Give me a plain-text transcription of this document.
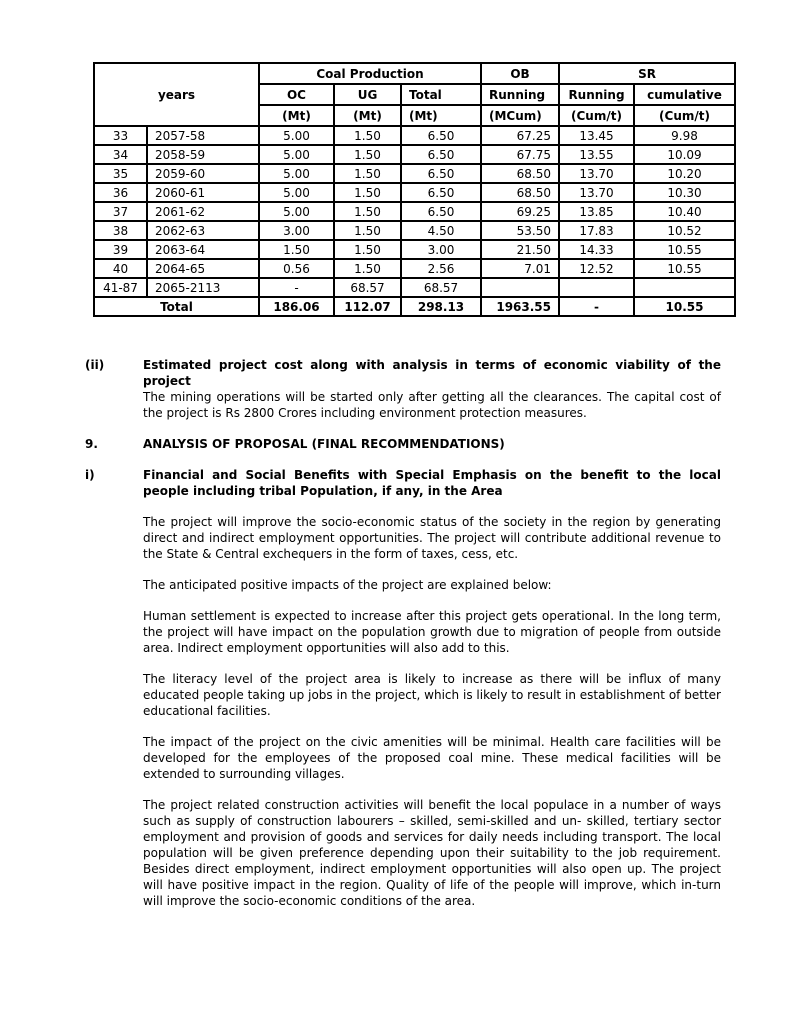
years		Coal Production			OB	SR	
		OC	UG	Total	Running	Running	cumulative
		(Mt)	(Mt)	(Mt)	(MCum)	(Cum/t)	(Cum/t)
33	2057-58	5.00	1.50	6.50	67.25	13.45	9.98
34	2058-59	5.00	1.50	6.50	67.75	13.55	10.09
35	2059-60	5.00	1.50	6.50	68.50	13.70	10.20
36	2060-61	5.00	1.50	6.50	68.50	13.70	10.30
37	2061-62	5.00	1.50	6.50	69.25	13.85	10.40
38	2062-63	3.00	1.50	4.50	53.50	17.83	10.52
39	2063-64	1.50	1.50	3.00	21.50	14.33	10.55
40	2064-65	0.56	1.50	2.56	7.01	12.52	10.55
41-87	2065-2113	-	68.57	68.57			
Total		186.06	112.07	298.13	1963.55	-	10.55
(ii)	Estimated project cost along with analysis in terms of economic viability of the project
The mining operations will be started only after getting all the clearances. The capital cost of the project is Rs 2800 Crores including environment protection measures.
9.	ANALYSIS OF PROPOSAL (FINAL RECOMMENDATIONS)
i)	Financial and Social Benefits with Special Emphasis on the benefit to the local people including tribal Population, if any, in the Area
The project will improve the socio-economic status of the society in the region by generating direct and indirect employment opportunities. The project will contribute additional revenue to the State & Central exchequers in the form of taxes, cess, etc.
The anticipated positive impacts of the project are explained below:
Human settlement is expected to increase after this project gets operational. In the long term, the project will have impact on the population growth due to migration of people from outside area. Indirect employment opportunities will also add to this.
The literacy level of the project area is likely to increase as there will be influx of many educated people taking up jobs in the project, which is likely to result in establishment of better educational facilities.
The impact of the project on the civic amenities will be minimal. Health care facilities will be developed for the employees of the proposed coal mine. These medical facilities will be extended to surrounding villages.
The project related construction activities will benefit the local populace in a number of ways such as supply of construction labourers – skilled, semi-skilled and un- skilled, tertiary sector employment and provision of goods and services for daily needs including transport. The local population will be given preference depending upon their suitability to the job requirement. Besides direct employment, indirect employment opportunities will also open up. The project will have positive impact in the region. Quality of life of the people will improve, which in-turn will improve the socio-economic conditions of the area.
